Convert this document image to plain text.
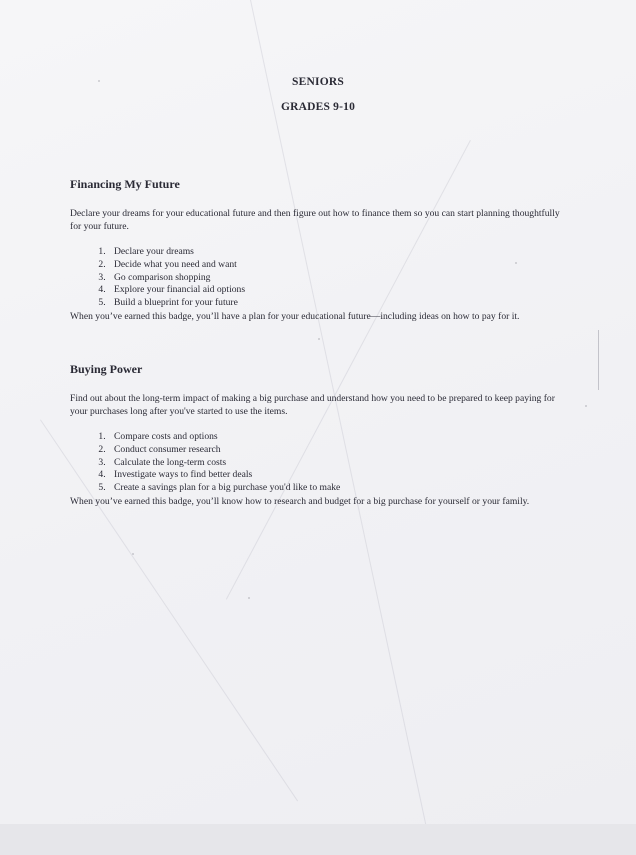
SENIORS
GRADES 9-10
Financing My Future

Declare your dreams for your educational future and then figure out how to finance them so you can start planning thoughtfully for your future.

1. Declare your dreams
2. Decide what you need and want
3. Go comparison shopping
4. Explore your financial aid options
5. Build a blueprint for your future

When you’ve earned this badge, you’ll have a plan for your educational future—including ideas on how to pay for it.

Buying Power

Find out about the long-term impact of making a big purchase and understand how you need to be prepared to keep paying for your purchases long after you've started to use the items.

1. Compare costs and options
2. Conduct consumer research
3. Calculate the long-term costs
4. Investigate ways to find better deals
5. Create a savings plan for a big purchase you'd like to make

When you’ve earned this badge, you’ll know how to research and budget for a big purchase for yourself or your family.
